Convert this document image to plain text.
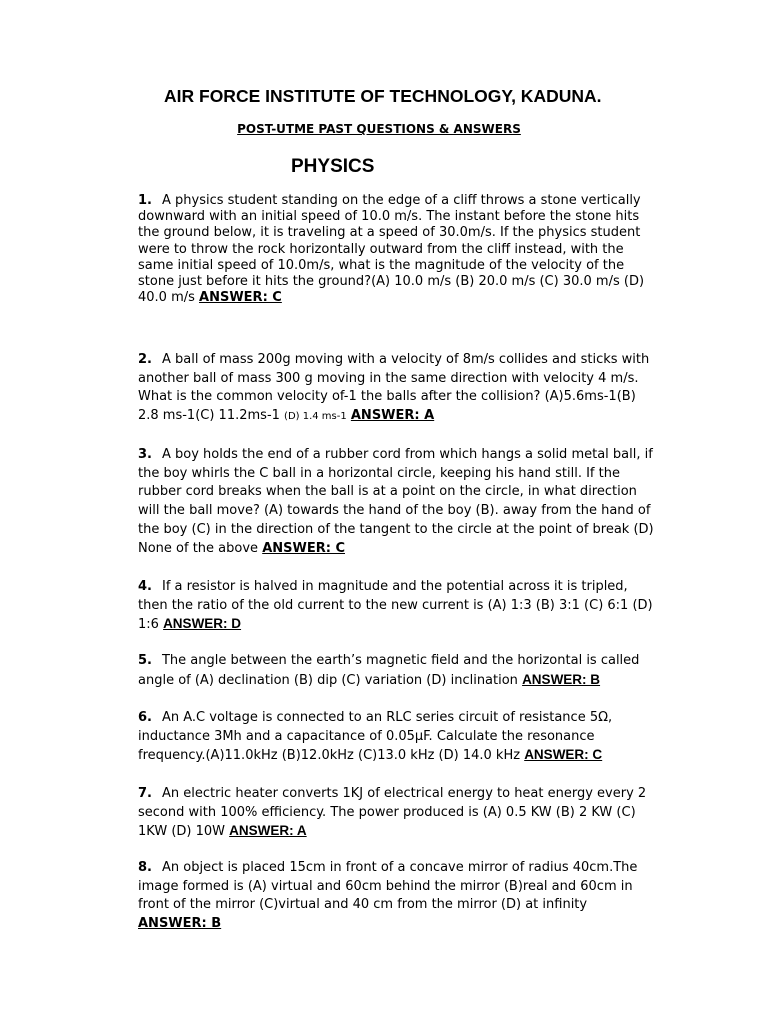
AIR FORCE INSTITUTE OF TECHNOLOGY, KADUNA.
POST-UTME PAST QUESTIONS & ANSWERS
PHYSICS

1. A physics student standing on the edge of a cliff throws a stone vertically downward with an initial speed of 10.0 m/s. The instant before the stone hits the ground below, it is traveling at a speed of 30.0m/s. If the physics student were to throw the rock horizontally outward from the cliff instead, with the same initial speed of 10.0m/s, what is the magnitude of the velocity of the stone just before it hits the ground?(A) 10.0 m/s (B) 20.0 m/s (C) 30.0 m/s (D) 40.0 m/s ANSWER: C

2. A ball of mass 200g moving with a velocity of 8m/s collides and sticks with another ball of mass 300 g moving in the same direction with velocity 4 m/s. What is the common velocity of-1 the balls after the collision? (A)5.6ms-1(B) 2.8 ms-1(C) 11.2ms-1 (D) 1.4 ms-1 ANSWER: A

3. A boy holds the end of a rubber cord from which hangs a solid metal ball, if the boy whirls the C ball in a horizontal circle, keeping his hand still. If the rubber cord breaks when the ball is at a point on the circle, in what direction will the ball move? (A) towards the hand of the boy (B). away from the hand of the boy (C) in the direction of the tangent to the circle at the point of break (D) None of the above ANSWER: C

4. If a resistor is halved in magnitude and the potential across it is tripled, then the ratio of the old current to the new current is (A) 1:3 (B) 3:1 (C) 6:1 (D) 1:6 ANSWER: D

5. The angle between the earth’s magnetic field and the horizontal is called angle of (A) declination (B) dip (C) variation (D) inclination ANSWER: B

6. An A.C voltage is connected to an RLC series circuit of resistance 5Ω, inductance 3Mh and a capacitance of 0.05μF. Calculate the resonance frequency.(A)11.0kHz (B)12.0kHz (C)13.0 kHz (D) 14.0 kHz ANSWER: C

7. An electric heater converts 1KJ of electrical energy to heat energy every 2 second with 100% efficiency. The power produced is (A) 0.5 KW (B) 2 KW (C) 1KW (D) 10W ANSWER: A

8. An object is placed 15cm in front of a concave mirror of radius 40cm.The image formed is (A) virtual and 60cm behind the mirror (B)real and 60cm in front of the mirror (C)virtual and 40 cm from the mirror (D) at infinity ANSWER: B
